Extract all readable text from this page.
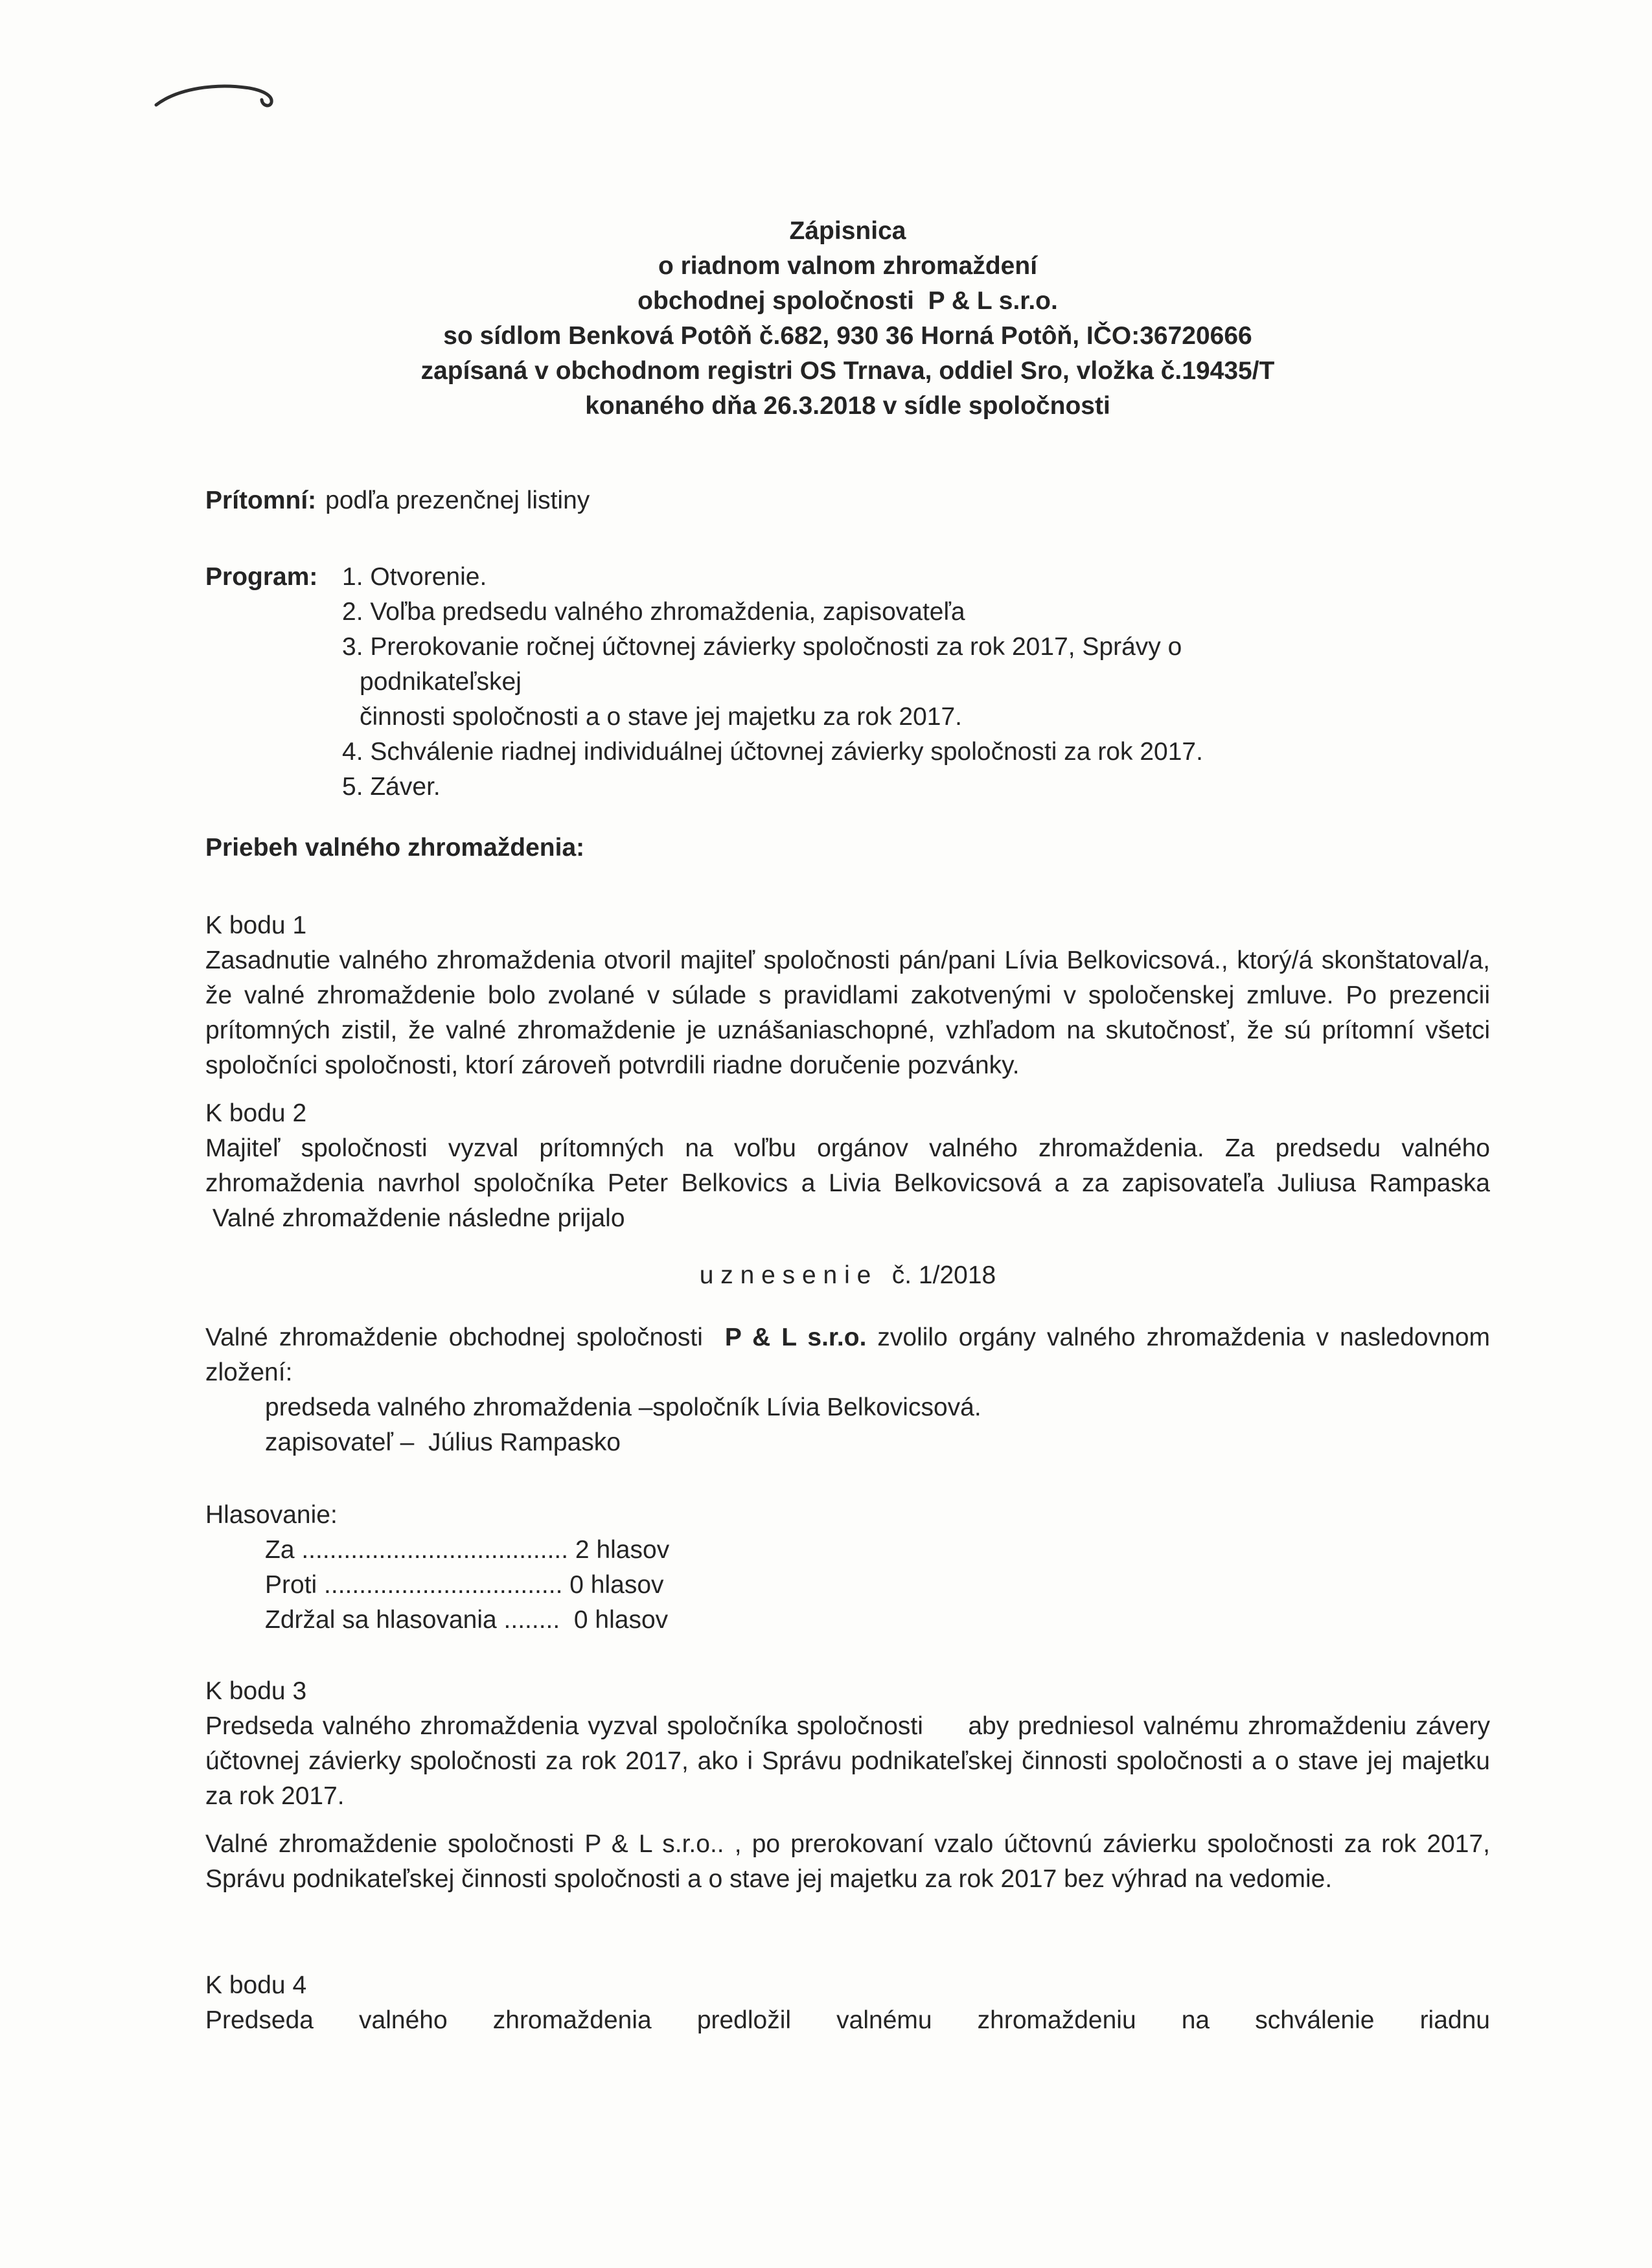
Zápisnica
o riadnom valnom zhromaždení
obchodnej spoločnosti  P & L s.r.o.
so sídlom Benková Potôň č.682, 930 36 Horná Potôň, IČO:36720666
zapísaná v obchodnom registri OS Trnava, oddiel Sro, vložka č.19435/T
konaného dňa 26.3.2018 v sídle spoločnosti
Prítomní: podľa prezenčnej listiny
Program: 1. Otvorenie.
2. Voľba predsedu valného zhromaždenia, zapisovateľa
3. Prerokovanie ročnej účtovnej závierky spoločnosti za rok 2017, Správy o
podnikateľskej
činnosti spoločnosti a o stave jej majetku za rok 2017.
4. Schválenie riadnej individuálnej účtovnej závierky spoločnosti za rok 2017.
5. Záver.
Priebeh valného zhromaždenia:
K bodu 1

Zasadnutie valného zhromaždenia otvoril majiteľ spoločnosti pán/pani Lívia Belkovicsová., ktorý/á skonštatoval/a, že valné zhromaždenie bolo zvolané v súlade s pravidlami zakotvenými v spoločenskej zmluve. Po prezencii prítomných zistil, že valné zhromaždenie je uznášaniaschopné, vzhľadom na skutočnosť, že sú prítomní všetci spoločníci spoločnosti, ktorí zároveň potvrdili riadne doručenie pozvánky.

K bodu 2

Majiteľ spoločnosti vyzval prítomných na voľbu orgánov valného zhromaždenia. Za predsedu valného zhromaždenia navrhol spoločníka Peter Belkovics a Livia Belkovicsová a za zapisovateľa Juliusa Rampaska  Valné zhromaždenie následne prijalo

u z n e s e n i e   č. 1/2018

Valné zhromaždenie obchodnej spoločnosti  P & L s.r.o. zvolilo orgány valného zhromaždenia v nasledovnom zložení:

predseda valného zhromaždenia –spoločník Lívia Belkovicsová.
zapisovateľ –  Július Rampasko
Hlasovanie:
Za ...................................... 2 hlasov
Proti .................................. 0 hlasov
Zdržal sa hlasovania ........  0 hlasov
K bodu 3

Predseda valného zhromaždenia vyzval spoločníka spoločnosti     aby predniesol valnému zhromaždeniu závery účtovnej závierky spoločnosti za rok 2017, ako i Správu podnikateľskej činnosti spoločnosti a o stave jej majetku za rok 2017.

Valné zhromaždenie spoločnosti P & L s.r.o.. , po prerokovaní vzalo účtovnú závierku spoločnosti za rok 2017, Správu podnikateľskej činnosti spoločnosti a o stave jej majetku za rok 2017 bez výhrad na vedomie.

K bodu 4

Predseda valného zhromaždenia predložil valnému zhromaždeniu na schválenie riadnu
